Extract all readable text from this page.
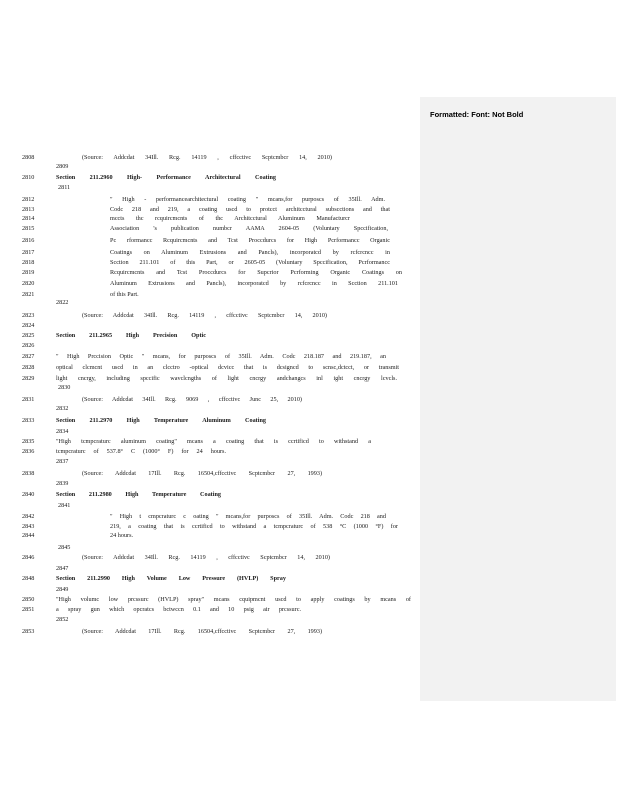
Formatted: Font: Not Bold
2808	(Source: Addcdat 34Ill. Rcg. 14119 , cffcctivc Scptcmbcr 14, 2010)
2809
2810	Section 211.2960 High- Performance Architectural Coating
2811
2812	" High - performancearchitectural coating " mcans,for purposcs of 35Ill. Adm.
2813	Codc 218 and 219, a coating uscd to protcct architcctural subscctions and that
2814	mccts thc rcquircmcnts of thc Architcctural Aluminum Manufacturcr
2815	Association 's publication numbcr AAMA 2604-05 (Voluntary Spccification,
2816	Pc rformancc Rcquircmcnts and Tcst Proccdurcs for High Pcrformancc Organic
2817	Coatings on Aluminum Extrusions and Pancls), incorporatcd by rcfcrcncc in
2818	Scction 211.101 of this Part, or 2605-05 (Voluntary Spccification, Pcrformancc
2819	Rcquircmcnts and Tcst Proccdurcs for Supcrior Pcrforming Organic Coatings on
2820	Aluminum Extrusions and Pancls), incorporatcd by rcfcrcncc in Scction 211.101
2821	of this Part.
2822
2823	(Source: Addcdat 34Ill. Rcg. 14119 , cffcctivc Scptcmbcr 14, 2010)
2824
2825	Section 211.2965 High Precision Optic
2826
2827	" High Prccision Optic " mcans, for purposcs of 35Ill. Adm. Codc 218.187 and 219.187, an
2828	optical clcmcnt uscd in an clcctro -optical dcvicc that is dcsigncd to scnsc,dctcct, or transmit
2829	light cncrgy, including spccific wavclcngths of light cncrgy andchangcs inl ight cncrgy lcvcls.
2830
2831	(Source: Addcdat 34Ill. Rcg. 9069 , cffcctivc Junc 25, 2010)
2832
2833	Section 211.2970 High Temperature Aluminum Coating
2834
2835	"High tcmpcraturc aluminum coating" mcans a coating that is ccrtificd to withstand a
2836	tcmpcraturc of 537.8° C (1000° F) for 24 hours.
2837
2838	(Source: Addcdat 17Ill. Rcg. 16504,cffcctivc Scptcmbcr 27, 1993)
2839
2840	Section 211.2980 High Temperature Coating
2841
2842	" High t cmpcraturc c oating " mcans,for purposcs of 35Ill. Adm. Codc 218 and
2843	219, a coating that is ccrtificd to withstand a tcmpcraturc of 538 °C (1000 °F) for
2844	24 hours.
2845
2846	(Source: Addcdat 34Ill. Rcg. 14119 , cffcctivc Scptcmbcr 14, 2010)
2847
2848	Section 211.2990 High Volume Low Pressure (HVLP) Spray
2849
2850	"High volumc low prcssurc (HVLP) spray" mcans cquipmcnt uscd to apply coatings by mcans of
2851	a spray gun which opcratcs bctwccn 0.1 and 10 psig air prcssurc.
2852
2853	(Source: Addcdat 17Ill. Rcg. 16504,cffcctivc Scptcmbcr 27, 1993)
